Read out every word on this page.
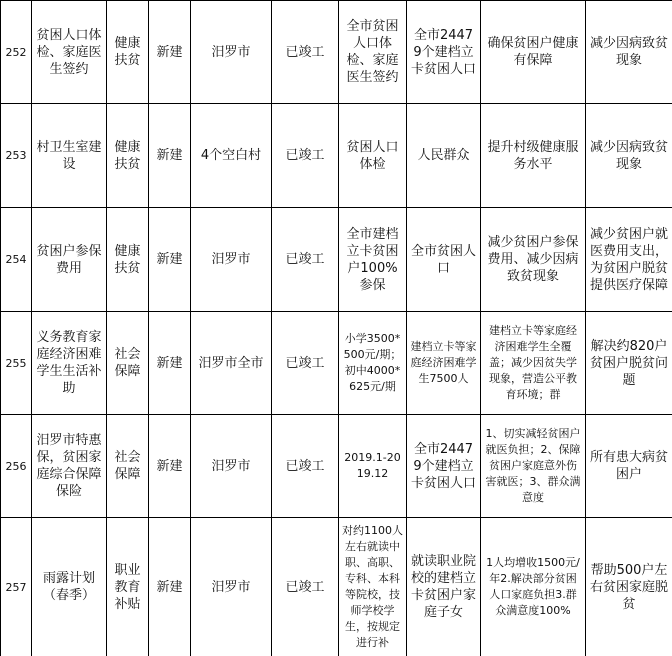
252	贫困人口体检、家庭医生签约	健康扶贫	新建	汨罗市	已竣工	全市贫困人口体检、家庭医生签约	全市24479个建档立卡贫困人口	确保贫困户健康有保障	减少因病致贫现象
253	村卫生室建设	健康扶贫	新建	4个空白村	已竣工	贫困人口体检	人民群众	提升村级健康服务水平	减少因病致贫现象
254	贫困户参保费用	健康扶贫	新建	汨罗市	已竣工	全市建档立卡贫困户100%参保	全市贫困人口	减少贫困户参保费用、减少因病致贫现象	减少贫困户就医费用支出，为贫困户脱贫提供医疗保障
255	义务教育家庭经济困难学生生活补助	社会保障	新建	汨罗市全市	已竣工	小学3500*500元/期；初中4000*625元/期	建档立卡等家庭经济困难学生7500人	建档立卡等家庭经济困难学生全覆盖；减少因贫失学现象，营造公平教育环境；群	解决约820户贫困户脱贫问题
256	汨罗市特惠保，贫困家庭综合保障保险	社会保障	新建	汨罗市	已竣工	2019.1-2019.12	全市24479个建档立卡贫困人口	1、切实减轻贫困户就医负担；2、保障贫困户家庭意外伤害就医；3、群众满意度	所有患大病贫困户
257	雨露计划（春季）	职业教育补贴	新建	汨罗市	已竣工	对约1100人左右就读中职、高职、专科、本科等院校，技师学校学生，按规定进行补	就读职业院校的建档立卡贫困户家庭子女	1人均增收1500元/年2.解决部分贫困人口家庭负担3.群众满意度100%	帮助500户左右贫困家庭脱贫
